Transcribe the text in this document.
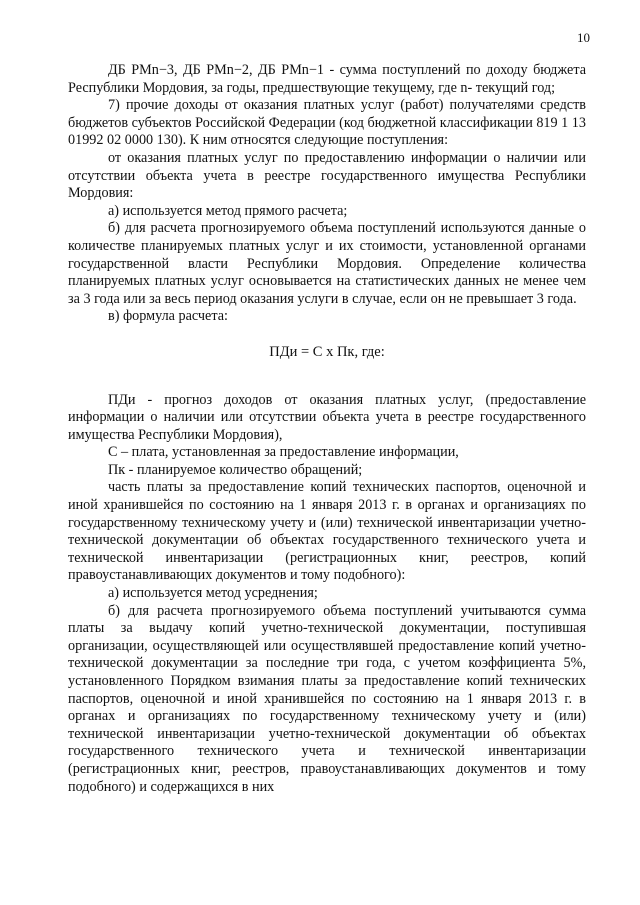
10

ДБ РМn−3, ДБ РМn−2, ДБ РМn−1 - сумма поступлений по доходу бюджета Республики Мордовия, за годы, предшествующие текущему, где n- текущий год;

7) прочие доходы от оказания платных услуг (работ) получателями средств бюджетов субъектов Российской Федерации (код бюджетной классификации 819 1 13 01992 02 0000 130). К ним относятся следующие поступления:

от оказания платных услуг по предоставлению информации о наличии или отсутствии объекта учета в реестре государственного имущества Республики Мордовия:

а) используется метод прямого расчета;

б) для расчета прогнозируемого объема поступлений используются данные о количестве планируемых платных услуг и их стоимости, установленной органами государственной власти Республики Мордовия. Определение количества планируемых платных услуг основывается на статистических данных не менее чем за 3 года или за весь период оказания услуги в случае, если он не превышает 3 года.

в) формула расчета:

ПДи = С х Пк, где:

ПДи - прогноз доходов от оказания платных услуг, (предоставление информации о наличии или отсутствии объекта учета в реестре государственного имущества Республики Мордовия),

С – плата, установленная за предоставление информации,

Пк - планируемое количество обращений;

часть платы за предоставление копий технических паспортов, оценочной и иной хранившейся по состоянию на 1 января 2013 г. в органах и организациях по государственному техническому учету и (или) технической инвентаризации учетно-технической документации об объектах государственного технического учета и технической инвентаризации (регистрационных книг, реестров, копий правоустанавливающих документов и тому подобного):

а) используется метод усреднения;

б) для расчета прогнозируемого объема поступлений учитываются сумма платы за выдачу копий учетно-технической документации, поступившая организации, осуществляющей или осуществлявшей предоставление копий учетно-технической документации за последние три года, с учетом коэффициента 5%, установленного Порядком взимания платы за предоставление копий технических паспортов, оценочной и иной хранившейся по состоянию на 1 января 2013 г. в органах и организациях по государственному техническому учету и (или) технической инвентаризации учетно-технической документации об объектах государственного технического учета и технической инвентаризации (регистрационных книг, реестров, правоустанавливающих документов и тому подобного) и содержащихся в них
